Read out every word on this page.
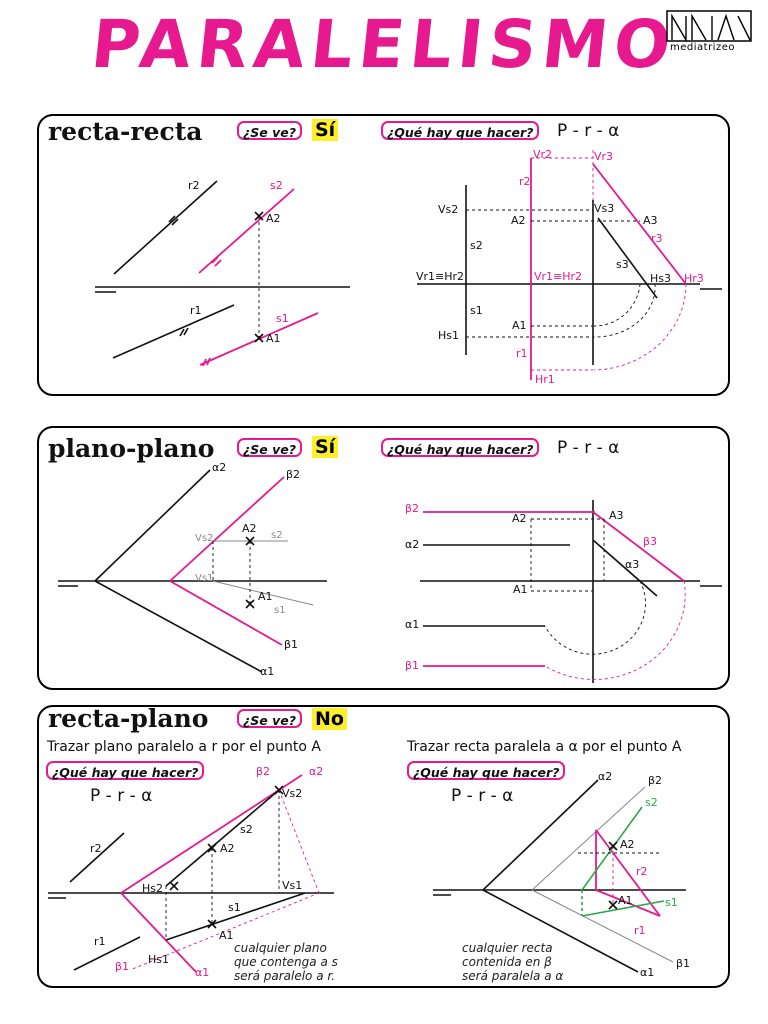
PARALELISMO
mediatrizeo
recta-recta	¿Se ve?	Sí	¿Qué hay que hacer?	P - r - α
plano-plano	¿Se ve?	Sí	¿Qué hay que hacer?	P - r - α
recta-plano	¿Se ve?	No
Trazar plano paralelo a r por el punto A	Trazar recta paralela a α por el punto A
¿Qué hay que hacer?	¿Qué hay que hacer?
P - r - α	P - r - α
cualquier plano
que contenga a s
será paralelo a r.
cualquier recta
contenida en β
será paralela a α
r2	s2
A2
r1
s1
A1
Vr2	Vr3
r2
Vs2	Vs3
A2	A3
r3
s2
s3
Vr1≡Hr2	Vr1≡Hr2	Hs3 Hr3
s1
A1
Hs1
r1
Hr1
α2
β2
A2
s2
Vs2
Vs1
A1
s1
β1
α1
β2
A2	A3
β3
α2
α3
A1
α1
β1
β2	α2
Vs2
s2
A2
r2
Hs2	Vs1
s1
A1
r1
β1
Hs1
α1
α2	β2
s2
A2
r2
A1	s1
r1
β1
α1
